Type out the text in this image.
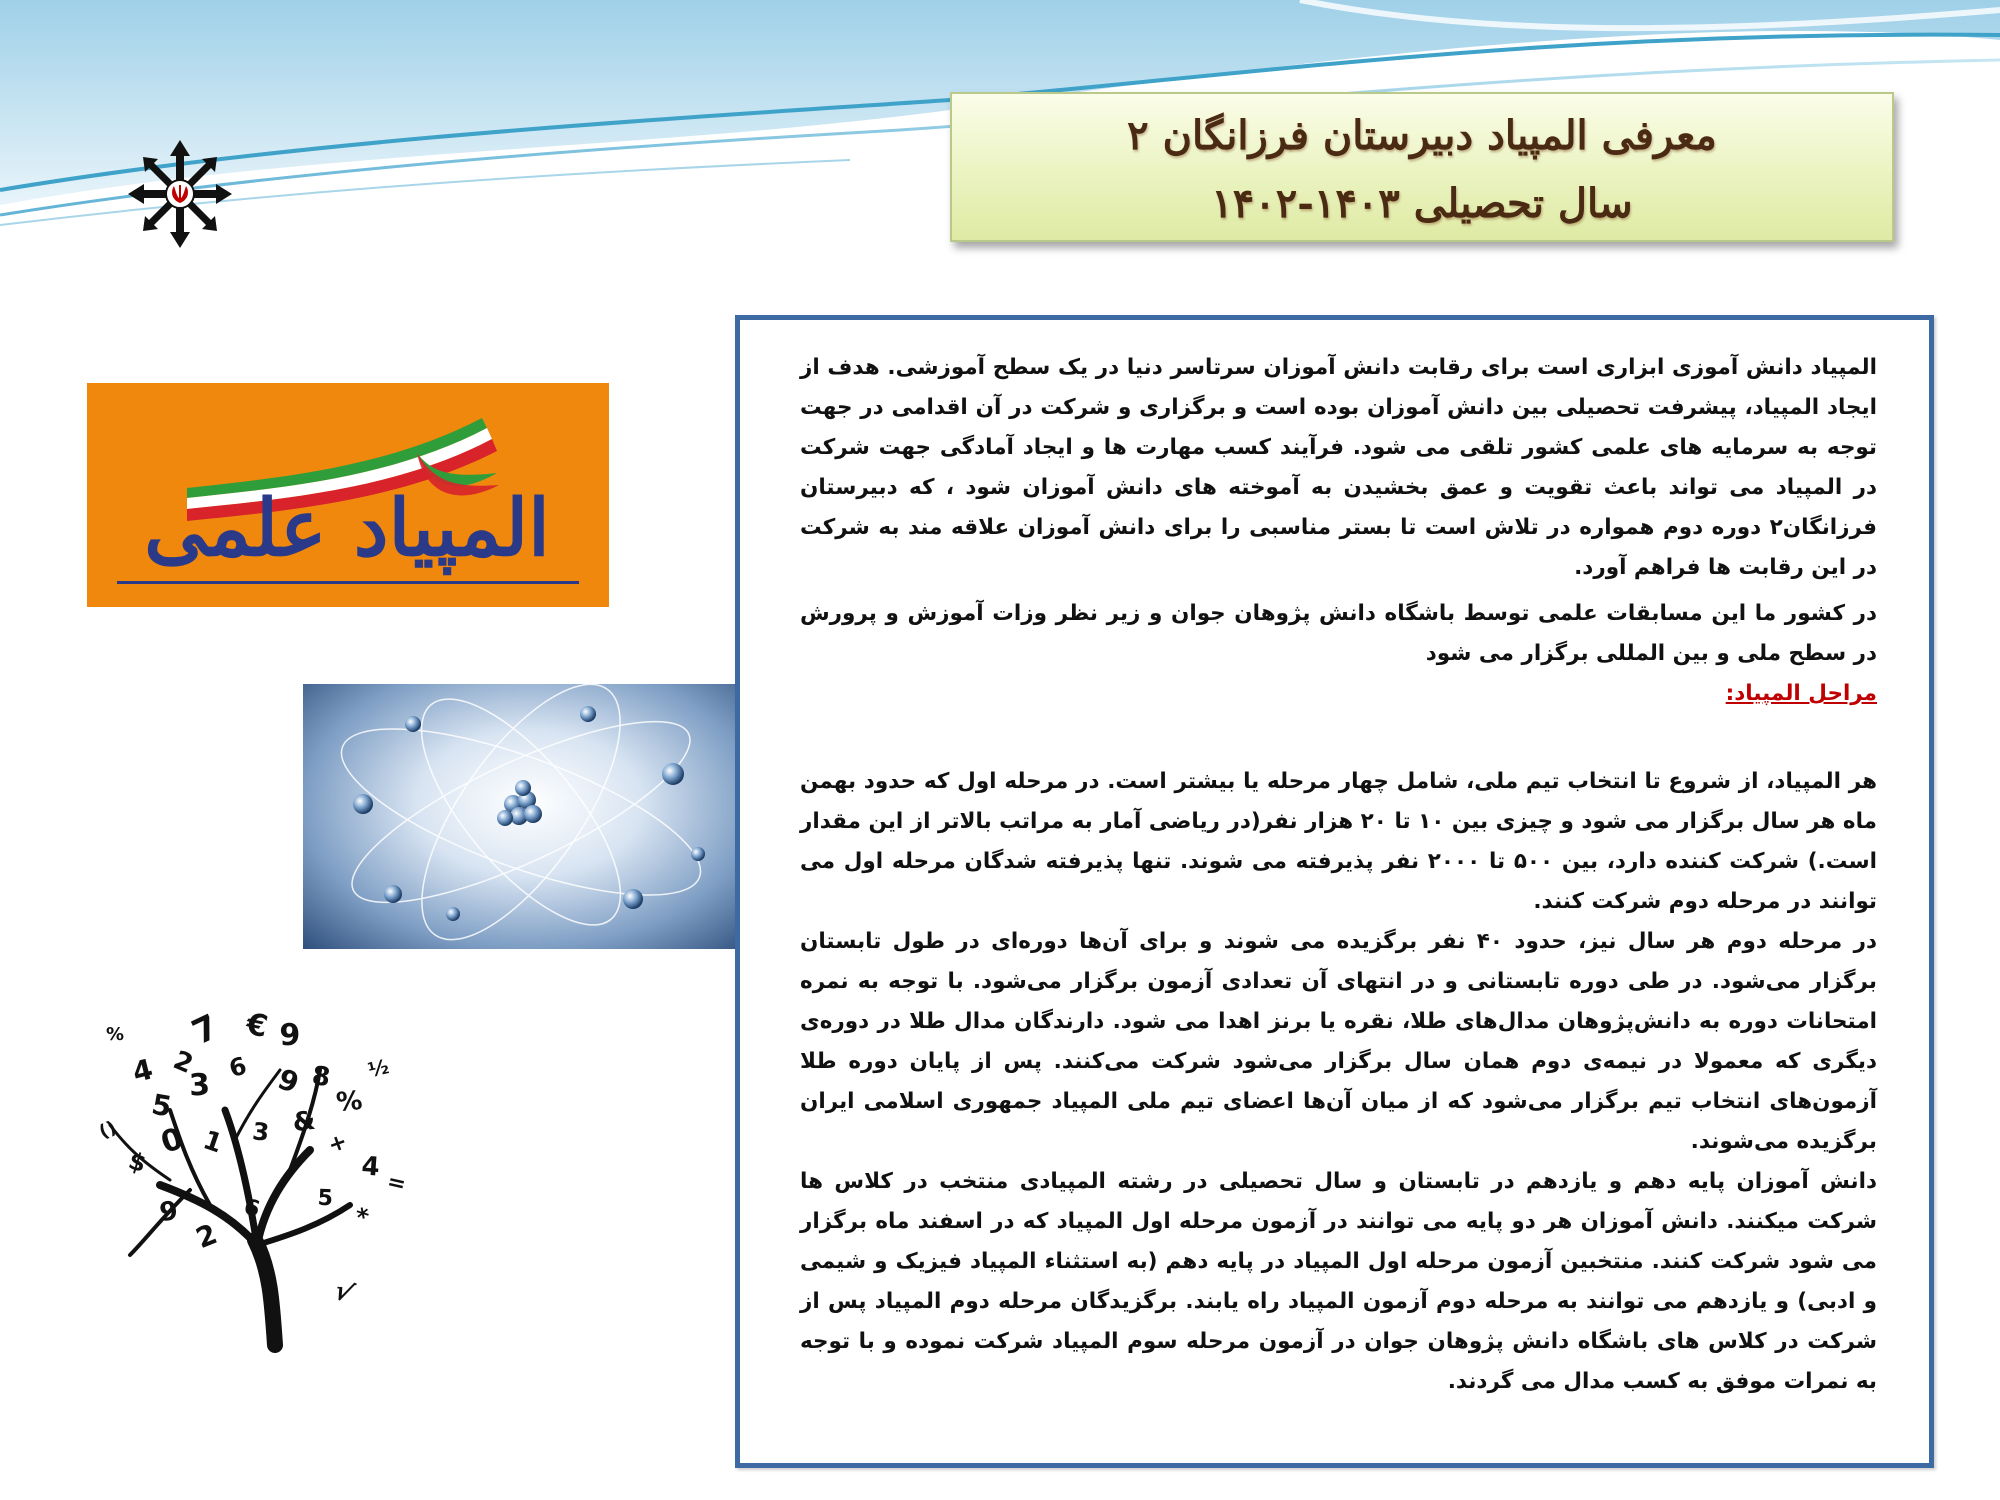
معرفی المپیاد دبیرستان فرزانگان ۲
سال تحصیلی ۱۴۰۳-۱۴۰۲
المپیاد علمی
7 € 9
4 2
5
3
6 9 8
%
0 1 3 &
+
$	4
9
2
6 5
*
()
=
%
½
√

المپیاد دانش آموزی ابزاری است برای رقابت دانش آموزان سرتاسر دنیا در یک سطح آموزشی. هدف از ایجاد المپیاد، پیشرفت تحصیلی بین دانش آموزان بوده است و برگزاری و شرکت در آن اقدامی در جهت توجه به سرمایه های علمی کشور تلقی می شود. فرآیند کسب مهارت ها و ایجاد آمادگی جهت شرکت در المپیاد می تواند باعث تقویت و عمق بخشیدن به آموخته های دانش آموزان شود ، که دبیرستان فرزانگان۲ دوره دوم همواره در تلاش است تا بستر مناسبی را برای دانش آموزان علاقه مند به شرکت در این رقابت ها فراهم آورد.

در کشور ما این مسابقات علمی توسط باشگاه دانش پژوهان جوان و زیر نظر وزات آموزش و پرورش در سطح ملی و بین المللی برگزار می شود

مراحل المپیاد:

هر المپیاد، از شروع تا انتخاب تیم ملی، شامل چهار مرحله یا بیشتر است. در مرحله اول که حدود بهمن ماه هر سال برگزار می شود و چیزی بین ۱۰ تا ۲۰ هزار نفر(در ریاضی آمار به مراتب بالاتر از این مقدار است.) شرکت کننده دارد، بین ۵۰۰ تا ۲۰۰۰ نفر پذیرفته می شوند. تنها پذیرفته شدگان مرحله اول می توانند در مرحله دوم شرکت کنند.

در مرحله دوم هر سال نیز، حدود ۴۰ نفر برگزیده می شوند و برای آن‌ها دوره‌ای در طول تابستان برگزار می‌شود. در طی دوره تابستانی و در انتهای آن تعدادی آزمون برگزار می‌شود. با توجه به نمره امتحانات دوره به دانش‌پژوهان مدال‌های طلا، نقره یا برنز اهدا می شود. دارندگان مدال طلا در دوره‌ی دیگری که معمولا در نیمه‌ی دوم همان سال برگزار می‌شود شرکت می‌کنند. پس از پایان دوره طلا آزمون‌های انتخاب تیم برگزار می‌شود که از میان آن‌ها اعضای تیم ملی المپیاد جمهوری اسلامی ایران برگزیده می‌شوند.

دانش آموزان پایه دهم و یازدهم در تابستان و سال تحصیلی در رشته المپیادی منتخب در کلاس ها شرکت میکنند. دانش آموزان هر دو پایه می توانند در آزمون مرحله اول المپیاد که در اسفند ماه برگزار می شود شرکت کنند. منتخبین آزمون مرحله اول المپیاد در پایه دهم (به استثناء المپیاد فیزیک و شیمی و ادبی) و یازدهم می توانند به مرحله دوم آزمون المپیاد راه یابند. برگزیدگان مرحله دوم المپیاد پس از شرکت در کلاس های باشگاه دانش پژوهان جوان در آزمون مرحله سوم المپیاد شرکت نموده و با توجه به نمرات موفق به کسب مدال می گردند.
